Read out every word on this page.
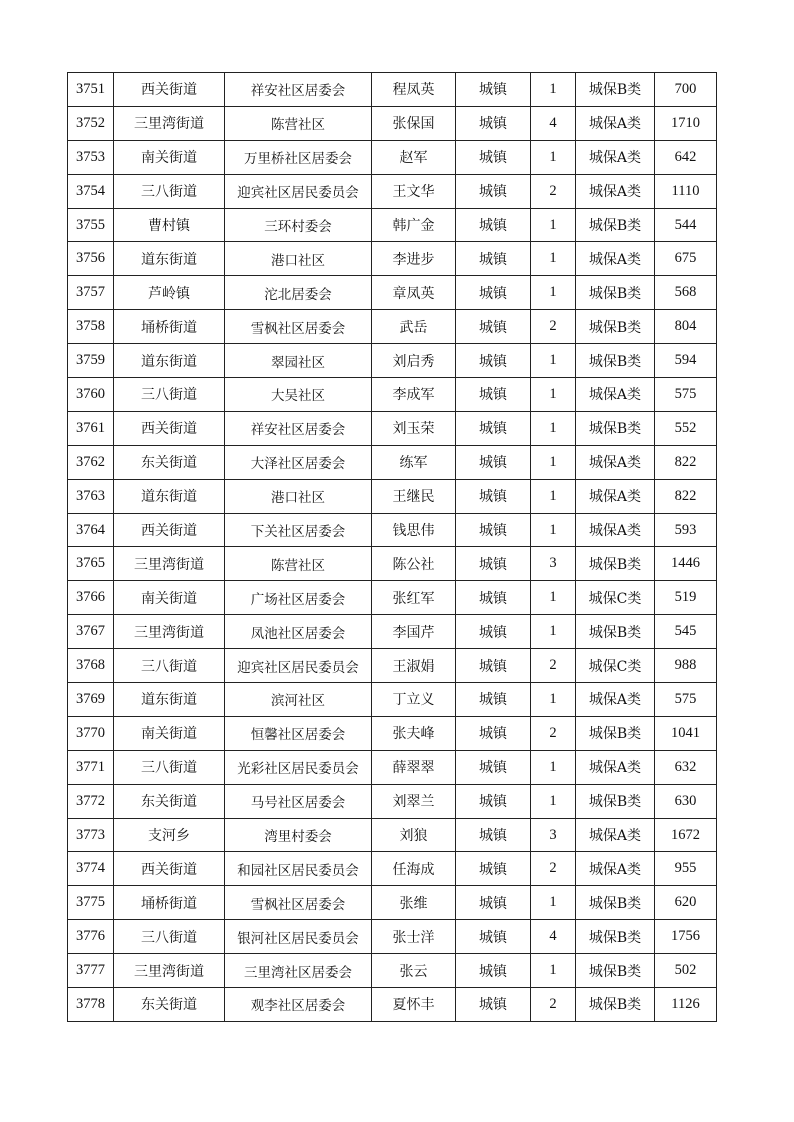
3751	西关街道	祥安社区居委会	程凤英	城镇	1	城保B类	700
3752	三里湾街道	陈营社区	张保国	城镇	4	城保A类	1710
3753	南关街道	万里桥社区居委会	赵军	城镇	1	城保A类	642
3754	三八街道	迎宾社区居民委员会	王文华	城镇	2	城保A类	1110
3755	曹村镇	三环村委会	韩广金	城镇	1	城保B类	544
3756	道东街道	港口社区	李进步	城镇	1	城保A类	675
3757	芦岭镇	沱北居委会	章凤英	城镇	1	城保B类	568
3758	埇桥街道	雪枫社区居委会	武岳	城镇	2	城保B类	804
3759	道东街道	翠园社区	刘启秀	城镇	1	城保B类	594
3760	三八街道	大吴社区	李成军	城镇	1	城保A类	575
3761	西关街道	祥安社区居委会	刘玉荣	城镇	1	城保B类	552
3762	东关街道	大泽社区居委会	练军	城镇	1	城保A类	822
3763	道东街道	港口社区	王继民	城镇	1	城保A类	822
3764	西关街道	下关社区居委会	钱思伟	城镇	1	城保A类	593
3765	三里湾街道	陈营社区	陈公社	城镇	3	城保B类	1446
3766	南关街道	广场社区居委会	张红军	城镇	1	城保C类	519
3767	三里湾街道	凤池社区居委会	李国芹	城镇	1	城保B类	545
3768	三八街道	迎宾社区居民委员会	王淑娟	城镇	2	城保C类	988
3769	道东街道	滨河社区	丁立义	城镇	1	城保A类	575
3770	南关街道	恒馨社区居委会	张夫峰	城镇	2	城保B类	1041
3771	三八街道	光彩社区居民委员会	薛翠翠	城镇	1	城保A类	632
3772	东关街道	马号社区居委会	刘翠兰	城镇	1	城保B类	630
3773	支河乡	湾里村委会	刘狼	城镇	3	城保A类	1672
3774	西关街道	和园社区居民委员会	任海成	城镇	2	城保A类	955
3775	埇桥街道	雪枫社区居委会	张维	城镇	1	城保B类	620
3776	三八街道	银河社区居民委员会	张士洋	城镇	4	城保B类	1756
3777	三里湾街道	三里湾社区居委会	张云	城镇	1	城保B类	502
3778	东关街道	观李社区居委会	夏怀丰	城镇	2	城保B类	1126
